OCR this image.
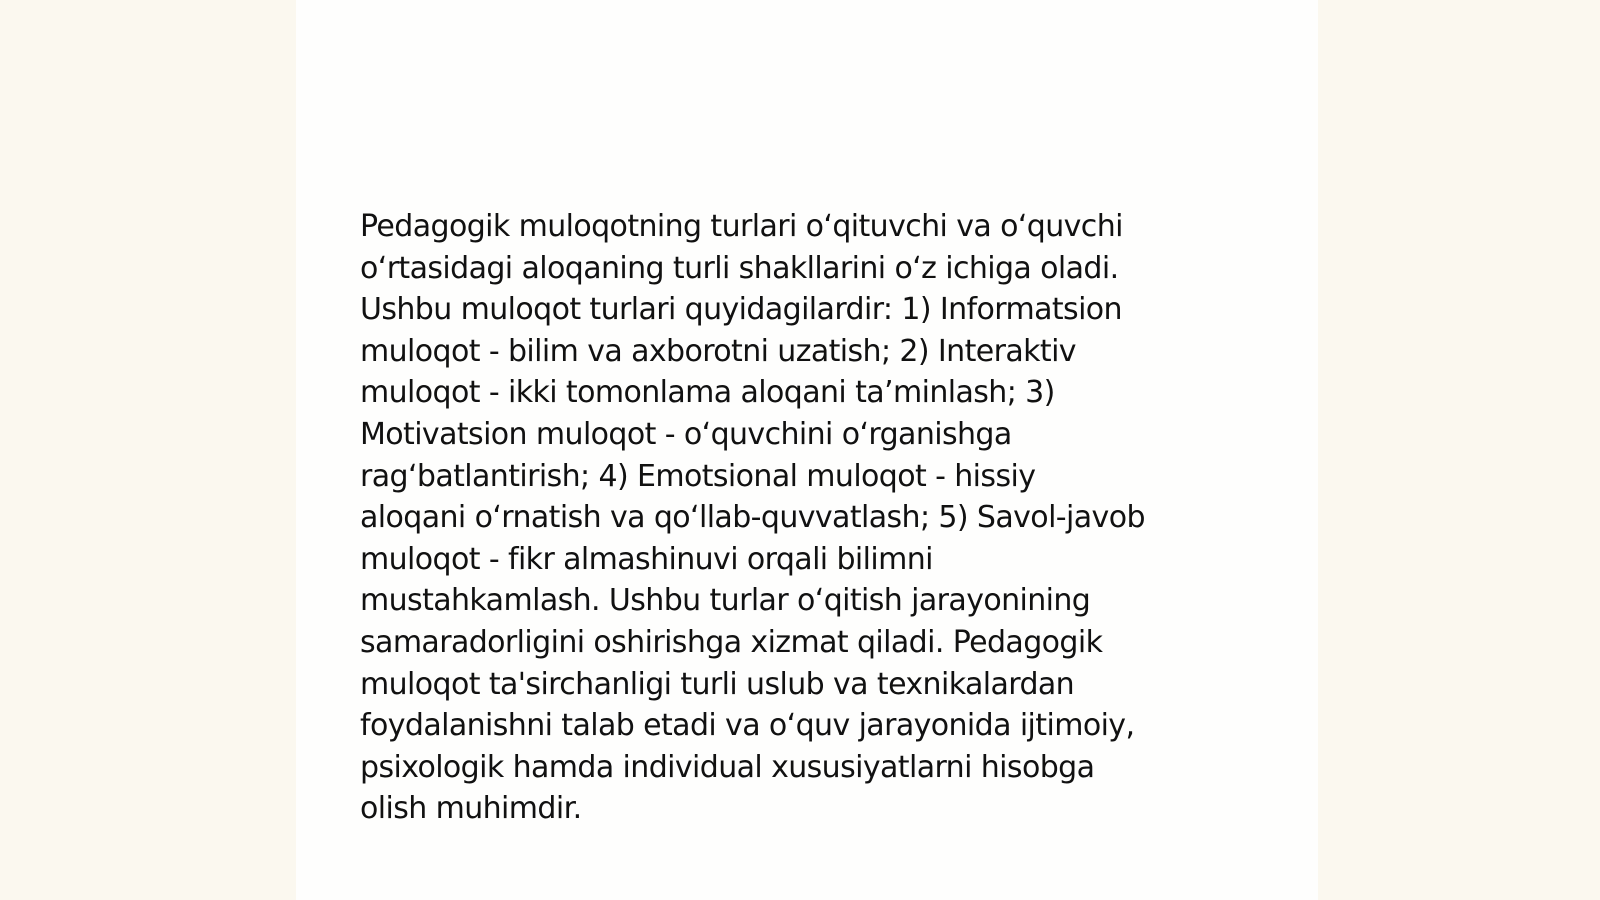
Pedagogik muloqotning turlari oʻqituvchi va oʻquvchi
oʻrtasidagi aloqaning turli shakllarini oʻz ichiga oladi.
Ushbu muloqot turlari quyidagilardir: 1) Informatsion
muloqot - bilim va axborotni uzatish; 2) Interaktiv
muloqot - ikki tomonlama aloqani taʼminlash; 3)
Motivatsion muloqot - oʻquvchini oʻrganishga
ragʻbatlantirish; 4) Emotsional muloqot - hissiy
aloqani oʻrnatish va qoʻllab-quvvatlash; 5) Savol-javob
muloqot - fikr almashinuvi orqali bilimni
mustahkamlash. Ushbu turlar oʻqitish jarayonining
samaradorligini oshirishga xizmat qiladi. Pedagogik
muloqot ta'sirchanligi turli uslub va texnikalardan
foydalanishni talab etadi va oʻquv jarayonida ijtimoiy,
psixologik hamda individual xususiyatlarni hisobga
olish muhimdir.
